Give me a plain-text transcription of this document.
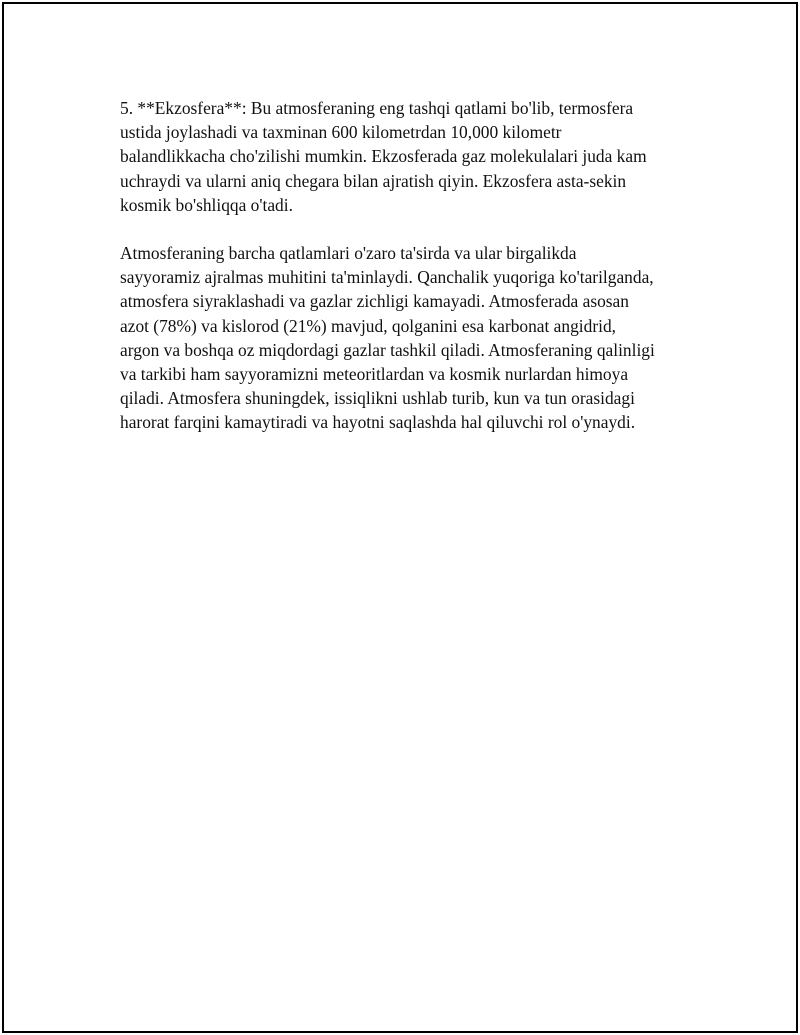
5. **Ekzosfera**: Bu atmosferaning eng tashqi qatlami bo'lib, termosfera
ustida joylashadi va taxminan 600 kilometrdan 10,000 kilometr
balandlikkacha cho'zilishi mumkin. Ekzosferada gaz molekulalari juda kam
uchraydi va ularni aniq chegara bilan ajratish qiyin. Ekzosfera asta-sekin
kosmik bo'shliqqa o'tadi.

Atmosferaning barcha qatlamlari o'zaro ta'sirda va ular birgalikda
sayyoramiz ajralmas muhitini ta'minlaydi. Qanchalik yuqoriga ko'tarilganda,
atmosfera siyraklashadi va gazlar zichligi kamayadi. Atmosferada asosan
azot (78%) va kislorod (21%) mavjud, qolganini esa karbonat angidrid,
argon va boshqa oz miqdordagi gazlar tashkil qiladi. Atmosferaning qalinligi
va tarkibi ham sayyoramizni meteoritlardan va kosmik nurlardan himoya
qiladi. Atmosfera shuningdek, issiqlikni ushlab turib, kun va tun orasidagi
harorat farqini kamaytiradi va hayotni saqlashda hal qiluvchi rol o'ynaydi.
